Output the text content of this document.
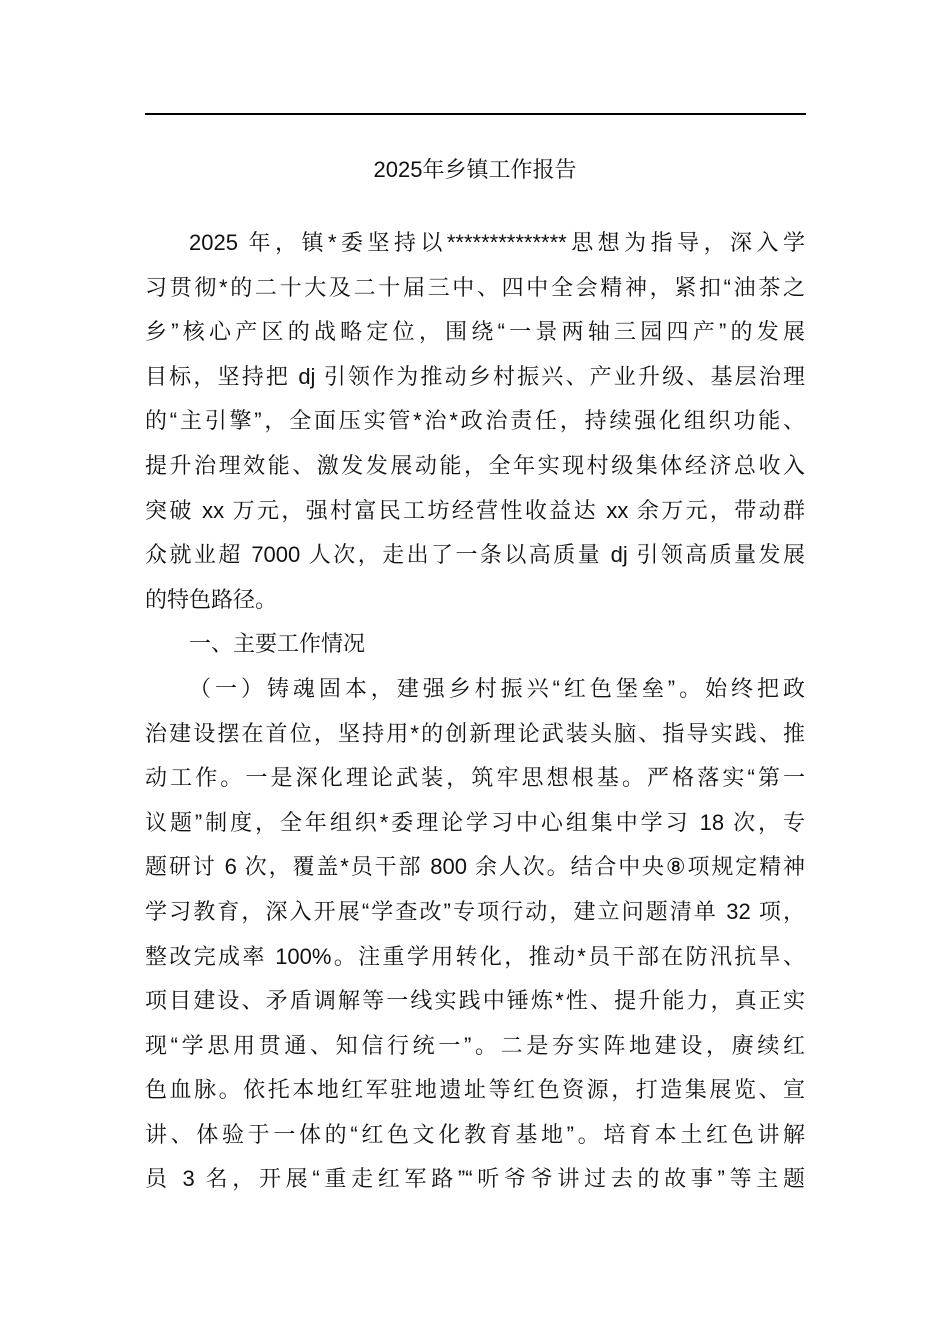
2025年乡镇工作报告
2025 年，镇*委坚持以**************思想为指导，深入学
习贯彻*的二十大及二十届三中、四中全会精神，紧扣“油茶之
乡”核心产区的战略定位，围绕“一景两轴三园四产”的发展
目标，坚持把 dj 引领作为推动乡村振兴、产业升级、基层治理
的“主引擎”，全面压实管*治*政治责任，持续强化组织功能、
提升治理效能、激发发展动能，全年实现村级集体经济总收入
突破 xx 万元，强村富民工坊经营性收益达 xx 余万元，带动群
众就业超 7000 人次，走出了一条以高质量 dj 引领高质量发展
的特色路径。
一、主要工作情况
（一）铸魂固本，建强乡村振兴“红色堡垒”。始终把政
治建设摆在首位，坚持用*的创新理论武装头脑、指导实践、推
动工作。一是深化理论武装，筑牢思想根基。严格落实“第一
议题”制度，全年组织*委理论学习中心组集中学习 18 次，专
题研讨 6 次，覆盖*员干部 800 余人次。结合中央⑧项规定精神
学习教育，深入开展“学查改”专项行动，建立问题清单 32 项，
整改完成率 100%。注重学用转化，推动*员干部在防汛抗旱、
项目建设、矛盾调解等一线实践中锤炼*性、提升能力，真正实
现“学思用贯通、知信行统一”。二是夯实阵地建设，赓续红
色血脉。依托本地红军驻地遗址等红色资源，打造集展览、宣
讲、体验于一体的“红色文化教育基地”。培育本土红色讲解
员 3 名，开展“重走红军路”“听爷爷讲过去的故事”等主题
